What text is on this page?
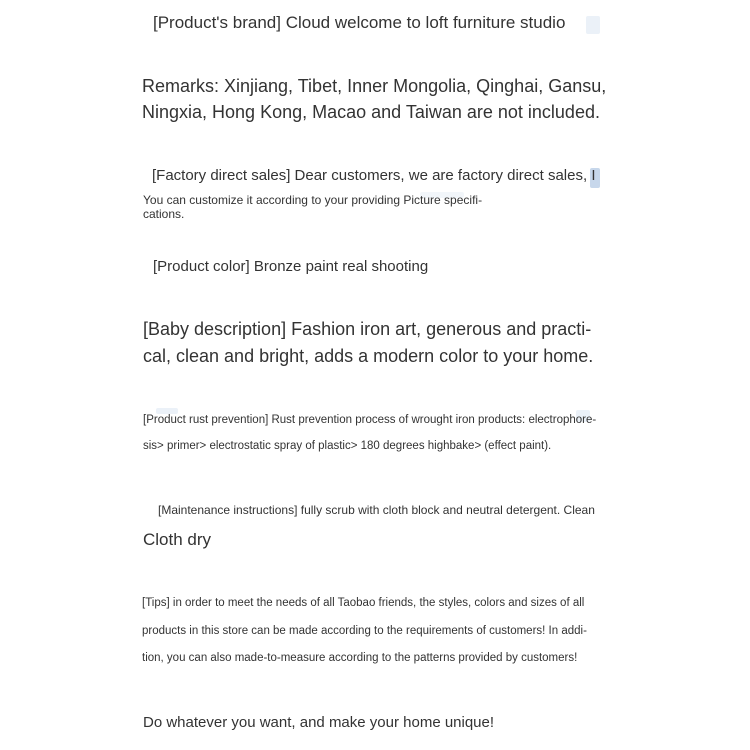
[Product's brand] Cloud welcome to loft furniture studio

Remarks: Xinjiang, Tibet, Inner Mongolia, Qinghai, Gansu,

Ningxia, Hong Kong, Macao and Taiwan are not included.

[Factory direct sales] Dear customers, we are factory direct sales, I

You can customize it according to your providing Picture specifi-

cations.

[Product color] Bronze paint real shooting

[Baby description] Fashion iron art, generous and practi-

cal, clean and bright, adds a modern color to your home.

[Product rust prevention] Rust prevention process of wrought iron products: electrophore-

sis> primer> electrostatic spray of plastic> 180 degrees highbake> (effect paint).

[Maintenance instructions] fully scrub with cloth block and neutral detergent. Clean

Cloth dry

[Tips] in order to meet the needs of all Taobao friends, the styles, colors and sizes of all

products in this store can be made according to the requirements of customers! In addi-

tion, you can also made-to-measure according to the patterns provided by customers!

Do whatever you want, and make your home unique!
